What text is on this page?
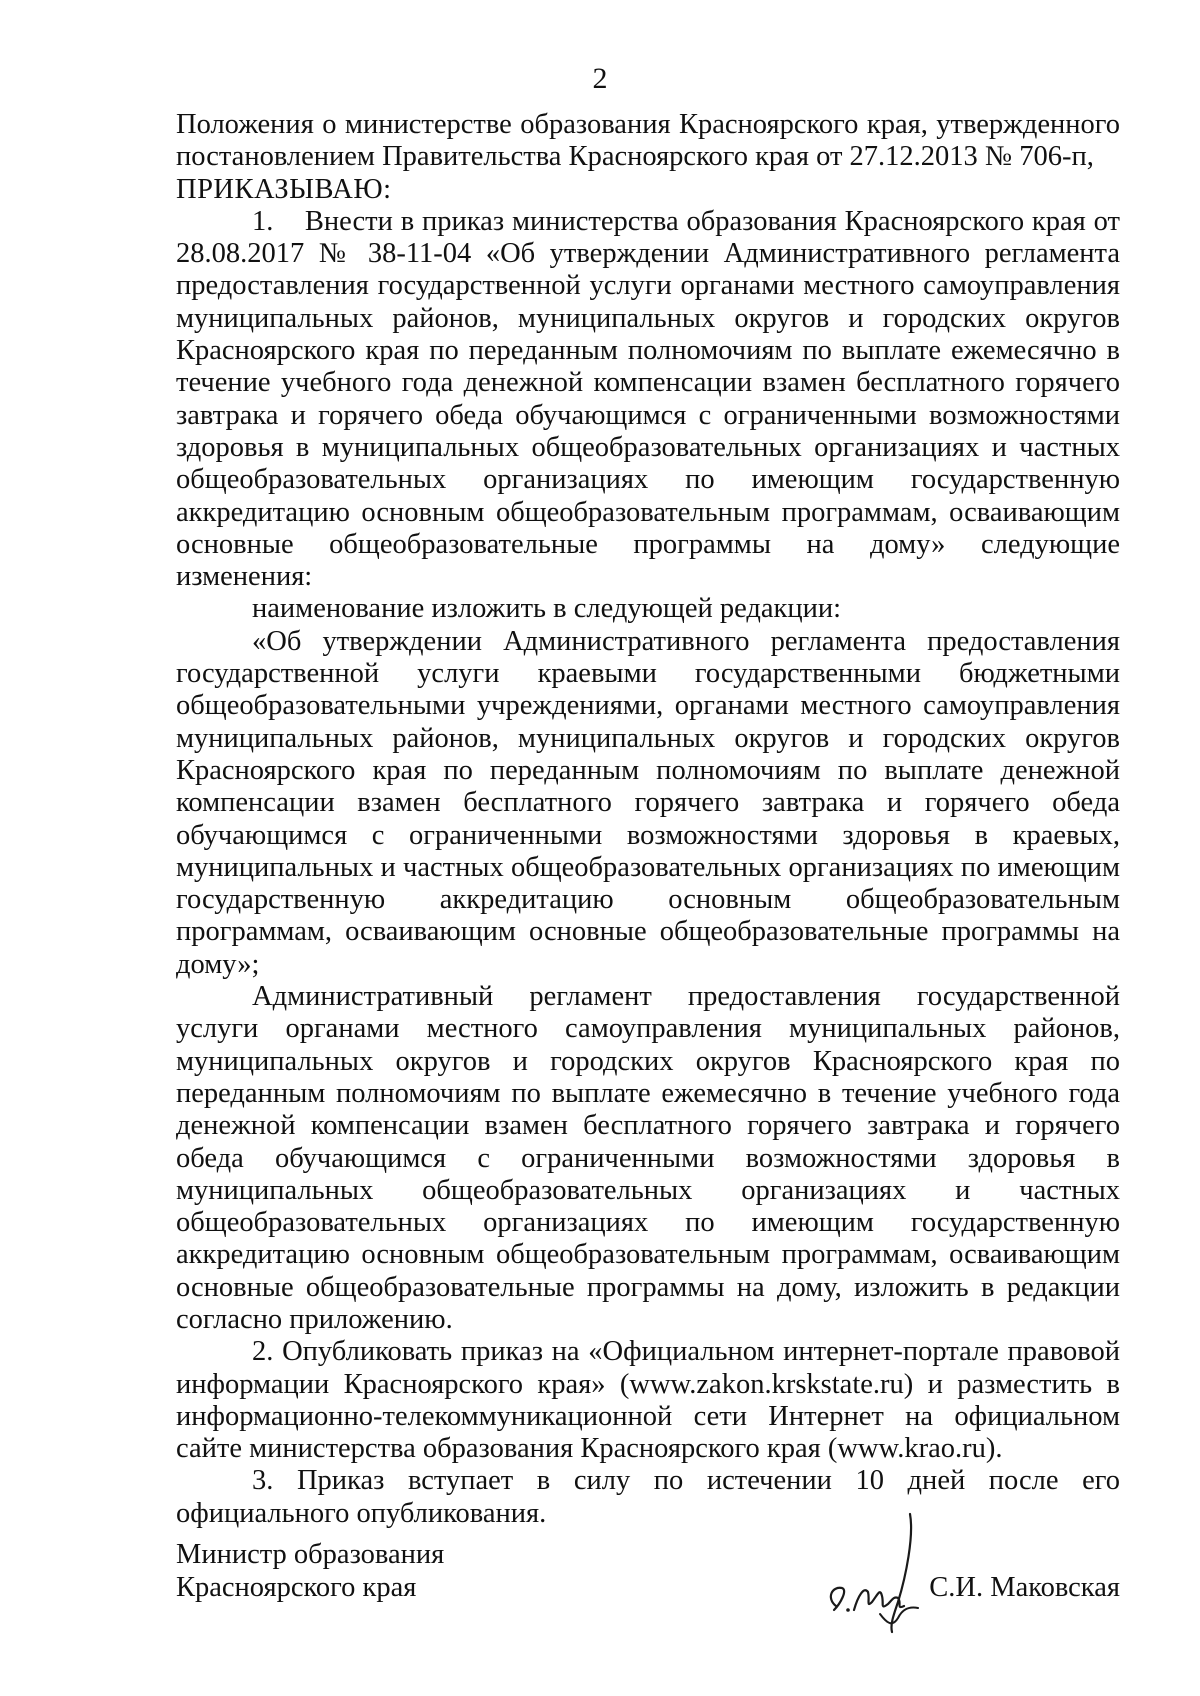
2

Положения о министерстве образования Красноярского края, утвержденного постановлением Правительства Красноярского края от 27.12.2013 № 706-п,

ПРИКАЗЫВАЮ:

1.    Внести в приказ министерства образования Красноярского края от 28.08.2017 № 38-11-04 «Об утверждении Административного регламента предоставления государственной услуги органами местного самоуправления муниципальных районов, муниципальных округов и городских округов Красноярского края по переданным полномочиям по выплате ежемесячно в течение учебного года денежной компенсации взамен бесплатного горячего завтрака и горячего обеда обучающимся с ограниченными возможностями здоровья в муниципальных общеобразовательных организациях и частных общеобразовательных организациях по имеющим государственную аккредитацию основным общеобразовательным программам, осваивающим основные общеобразовательные программы на дому» следующие изменения:

наименование изложить в следующей редакции:

«Об утверждении Административного регламента предоставления государственной услуги краевыми государственными бюджетными общеобразовательными учреждениями, органами местного самоуправления муниципальных районов, муниципальных округов и городских округов Красноярского края по переданным полномочиям по выплате денежной компенсации взамен бесплатного горячего завтрака и горячего обеда обучающимся с ограниченными возможностями здоровья в краевых, муниципальных и частных общеобразовательных организациях по имеющим государственную аккредитацию основным общеобразовательным программам, осваивающим основные общеобразовательные программы на дому»;

Административный регламент предоставления государственной услуги органами местного самоуправления муниципальных районов, муниципальных округов и городских округов Красноярского края по переданным полномочиям по выплате ежемесячно в течение учебного года денежной компенсации взамен бесплатного горячего завтрака и горячего обеда обучающимся с ограниченными возможностями здоровья в муниципальных общеобразовательных организациях и частных общеобразовательных организациях по имеющим государственную аккредитацию основным общеобразовательным программам, осваивающим основные общеобразовательные программы на дому, изложить в редакции согласно приложению.

2. Опубликовать приказ на «Официальном интернет-портале правовой информации Красноярского края» (www.zakon.krskstate.ru) и разместить в информационно-телекоммуникационной сети Интернет на официальном сайте министерства образования Красноярского края (www.krao.ru).

3. Приказ вступает в силу по истечении 10 дней после его официального опубликования.

Министр образования
Красноярского края	С.И. Маковская
